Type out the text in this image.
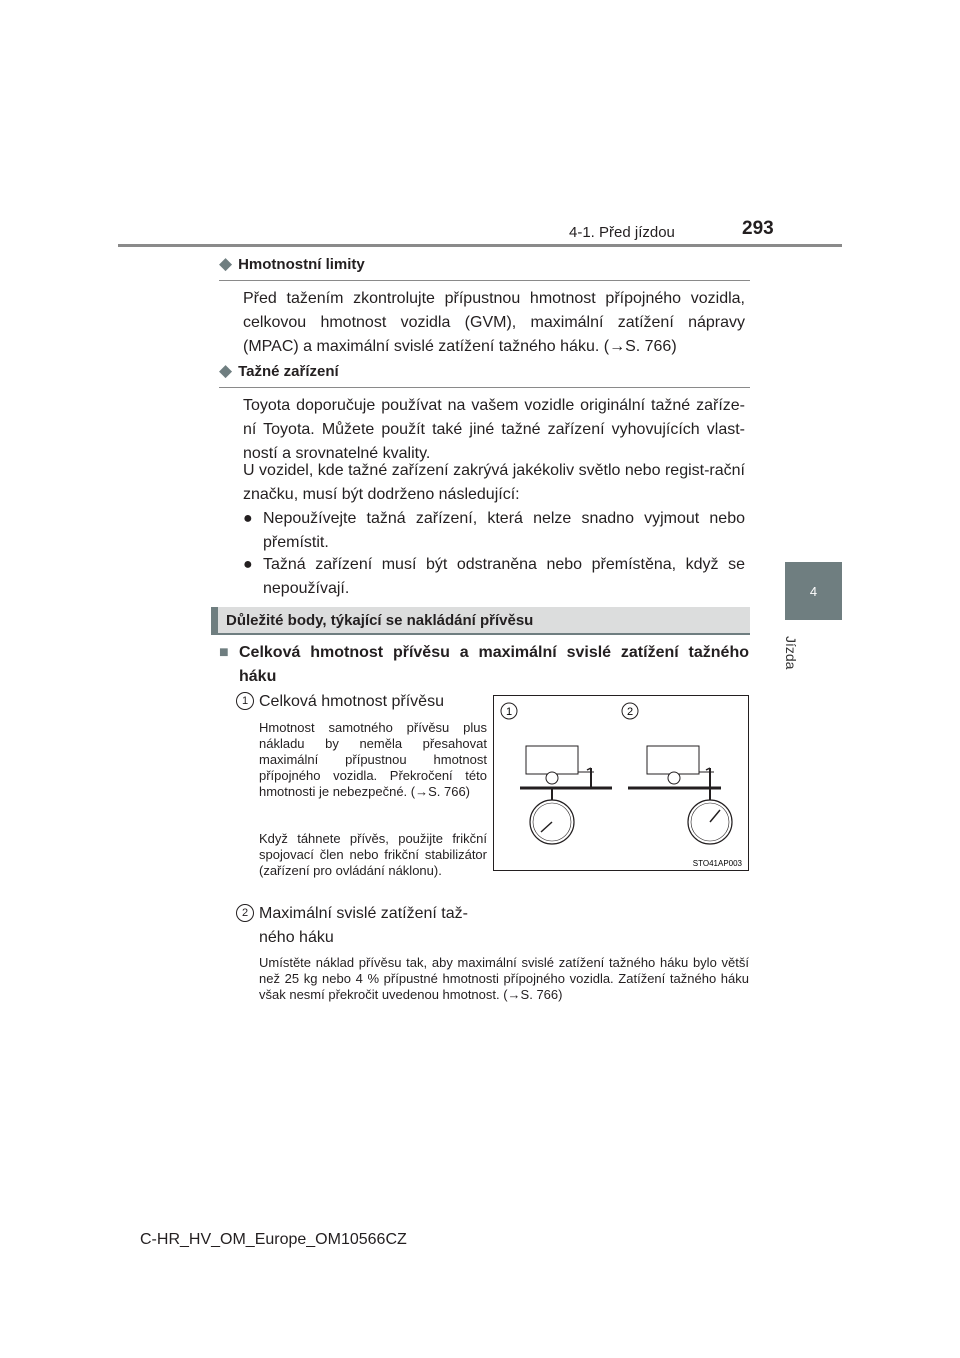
4-1. Před jízdou	293
4
Jízda
◆ Hmotnostní limity
Před tažením zkontrolujte přípustnou hmotnost přípojného vozidla, celkovou hmotnost vozidla (GVM), maximální zatížení nápravy (MPAC) a maximální svislé zatížení tažného háku. (→S. 766)
◆ Tažné zařízení
Toyota doporučuje používat na vašem vozidle originální tažné zaříze-ní Toyota. Můžete použít také jiné tažné zařízení vyhovujících vlast-ností a srovnatelné kvality.
U vozidel, kde tažné zařízení zakrývá jakékoliv světlo nebo regist-rační značku, musí být dodrženo následující:
● Nepoužívejte tažná zařízení, která nelze snadno vyjmout nebo přemístit.
● Tažná zařízení musí být odstraněna nebo přemístěna, když se nepoužívají.
Důležité body, týkající se nakládání přívěsu
■ Celková hmotnost přívěsu a maximální svislé zatížení tažného háku
1 Celková hmotnost přívěsu
Hmotnost samotného přívěsu plus nákladu by neměla přesahovat maximální přípustnou hmotnost přípojného vozidla. Překročení této hmotnosti je nebezpečné. (→S. 766)
Když táhnete přívěs, použijte frikční spojovací člen nebo frikční stabilizátor (zařízení pro ovládání náklonu).
2 Maximální svislé zatížení taž-ného háku
Umístěte náklad přívěsu tak, aby maximální svislé zatížení tažného háku bylo větší než 25 kg nebo 4 % přípustné hmotnosti přípojného vozidla. Zatížení tažného háku však nesmí překročit uvedenou hmotnost. (→S. 766)
1	2
STO41AP003
C-HR_HV_OM_Europe_OM10566CZ
